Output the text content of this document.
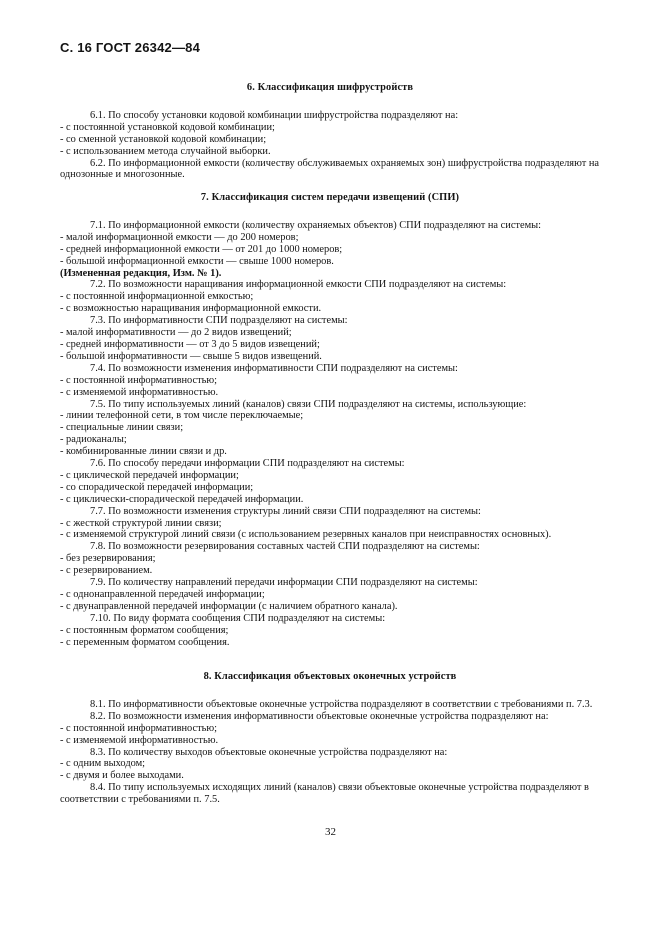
С. 16 ГОСТ 26342—84
6. Классификация шифрустройств

6.1. По способу установки кодовой комбинации шифрустройства подразделяют на:

- с постоянной установкой кодовой комбинации;

- со сменной установкой кодовой комбинации;

- с использованием метода случайной выборки.

6.2. По информационной емкости (количеству обслуживаемых охраняемых зон) шифрустройства подразделяют на однозонные и многозонные.

7. Классификация систем передачи извещений (СПИ)

7.1. По информационной емкости (количеству охраняемых объектов) СПИ подразделяют на системы:

- малой информационной емкости — до 200 номеров;

- средней информационной емкости — от 201 до 1000 номеров;

- большой информационной емкости — свыше 1000 номеров.

(Измененная редакция, Изм. № 1).

7.2. По возможности наращивания информационной емкости СПИ подразделяют на системы:

- с постоянной информационной емкостью;

- с возможностью наращивания информационной емкости.

7.3. По информативности СПИ подразделяют на системы:

- малой информативности — до 2 видов извещений;

- средней информативности — от 3 до 5 видов извещений;

- большой информативности — свыше 5 видов извещений.

7.4. По возможности изменения информативности СПИ подразделяют на системы:

- с постоянной информативностью;

- с изменяемой информативностью.

7.5. По типу используемых линий (каналов) связи СПИ подразделяют на системы, использующие:

- линии телефонной сети, в том числе переключаемые;

- специальные линии связи;

- радиоканалы;

- комбинированные линии связи и др.

7.6. По способу передачи информации СПИ подразделяют на системы:

- с циклической передачей информации;

- со спорадической передачей информации;

- с циклически-спорадической передачей информации.

7.7. По возможности изменения структуры линий связи СПИ подразделяют на системы:

- с жесткой структурой линии связи;

- с изменяемой структурой линий связи (с использованием резервных каналов при неисправностях основных).

7.8. По возможности резервирования составных частей СПИ подразделяют на системы:

- без резервирования;

- с резервированием.

7.9. По количеству направлений передачи информации СПИ подразделяют на системы:

- с однонаправленной передачей информации;

- с двунаправленной передачей информации (с наличием обратного канала).

7.10. По виду формата сообщения СПИ подразделяют на системы:

- с постоянным форматом сообщения;

- с переменным форматом сообщения.

8. Классификация объектовых оконечных устройств

8.1. По информативности объектовые оконечные устройства подразделяют в соответствии с требованиями п. 7.3.

8.2. По возможности изменения информативности объектовые оконечные устройства подразделяют на:

- с постоянной информативностью;

- с изменяемой информативностью.

8.3. По количеству выходов объектовые оконечные устройства подразделяют на:

- с одним выходом;

- с двумя и более выходами.

8.4. По типу используемых исходящих линий (каналов) связи объектовые оконечные устройства подразделяют в соответствии с требованиями п. 7.5.

32
